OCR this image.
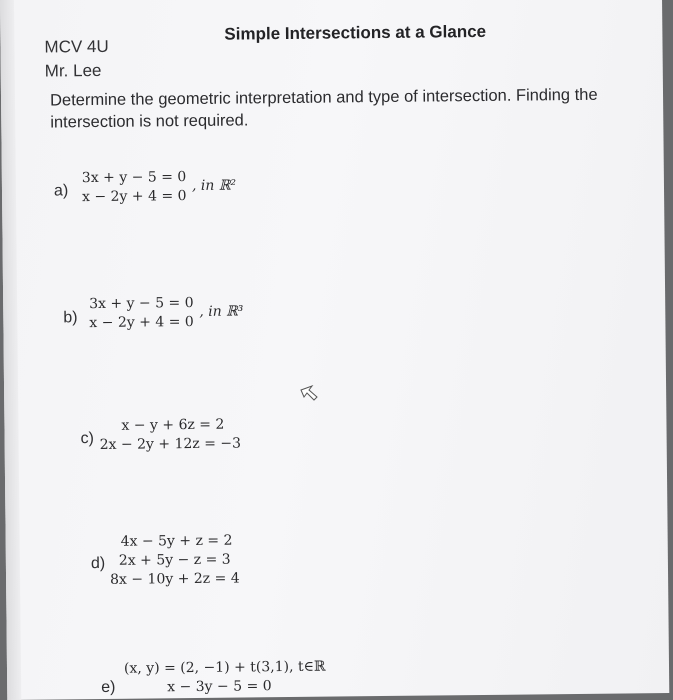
MCV 4U
Mr. Lee
Simple Intersections at a Glance
Determine the geometric interpretation and type of intersection. Finding the
intersection is not required.
a)
3x + y − 5 = 0
x − 2y + 4 = 0
, in ℝ²
b)
3x + y − 5 = 0
x − 2y + 4 = 0
, in ℝ³
c)
x − y + 6z = 2
2x − 2y + 12z = −3
d)
4x − 5y + z = 2
2x + 5y − z = 3
8x − 10y + 2z = 4
e)
(x, y) = (2, −1) + t(3,1), t∈ℝ
x − 3y − 5 = 0
